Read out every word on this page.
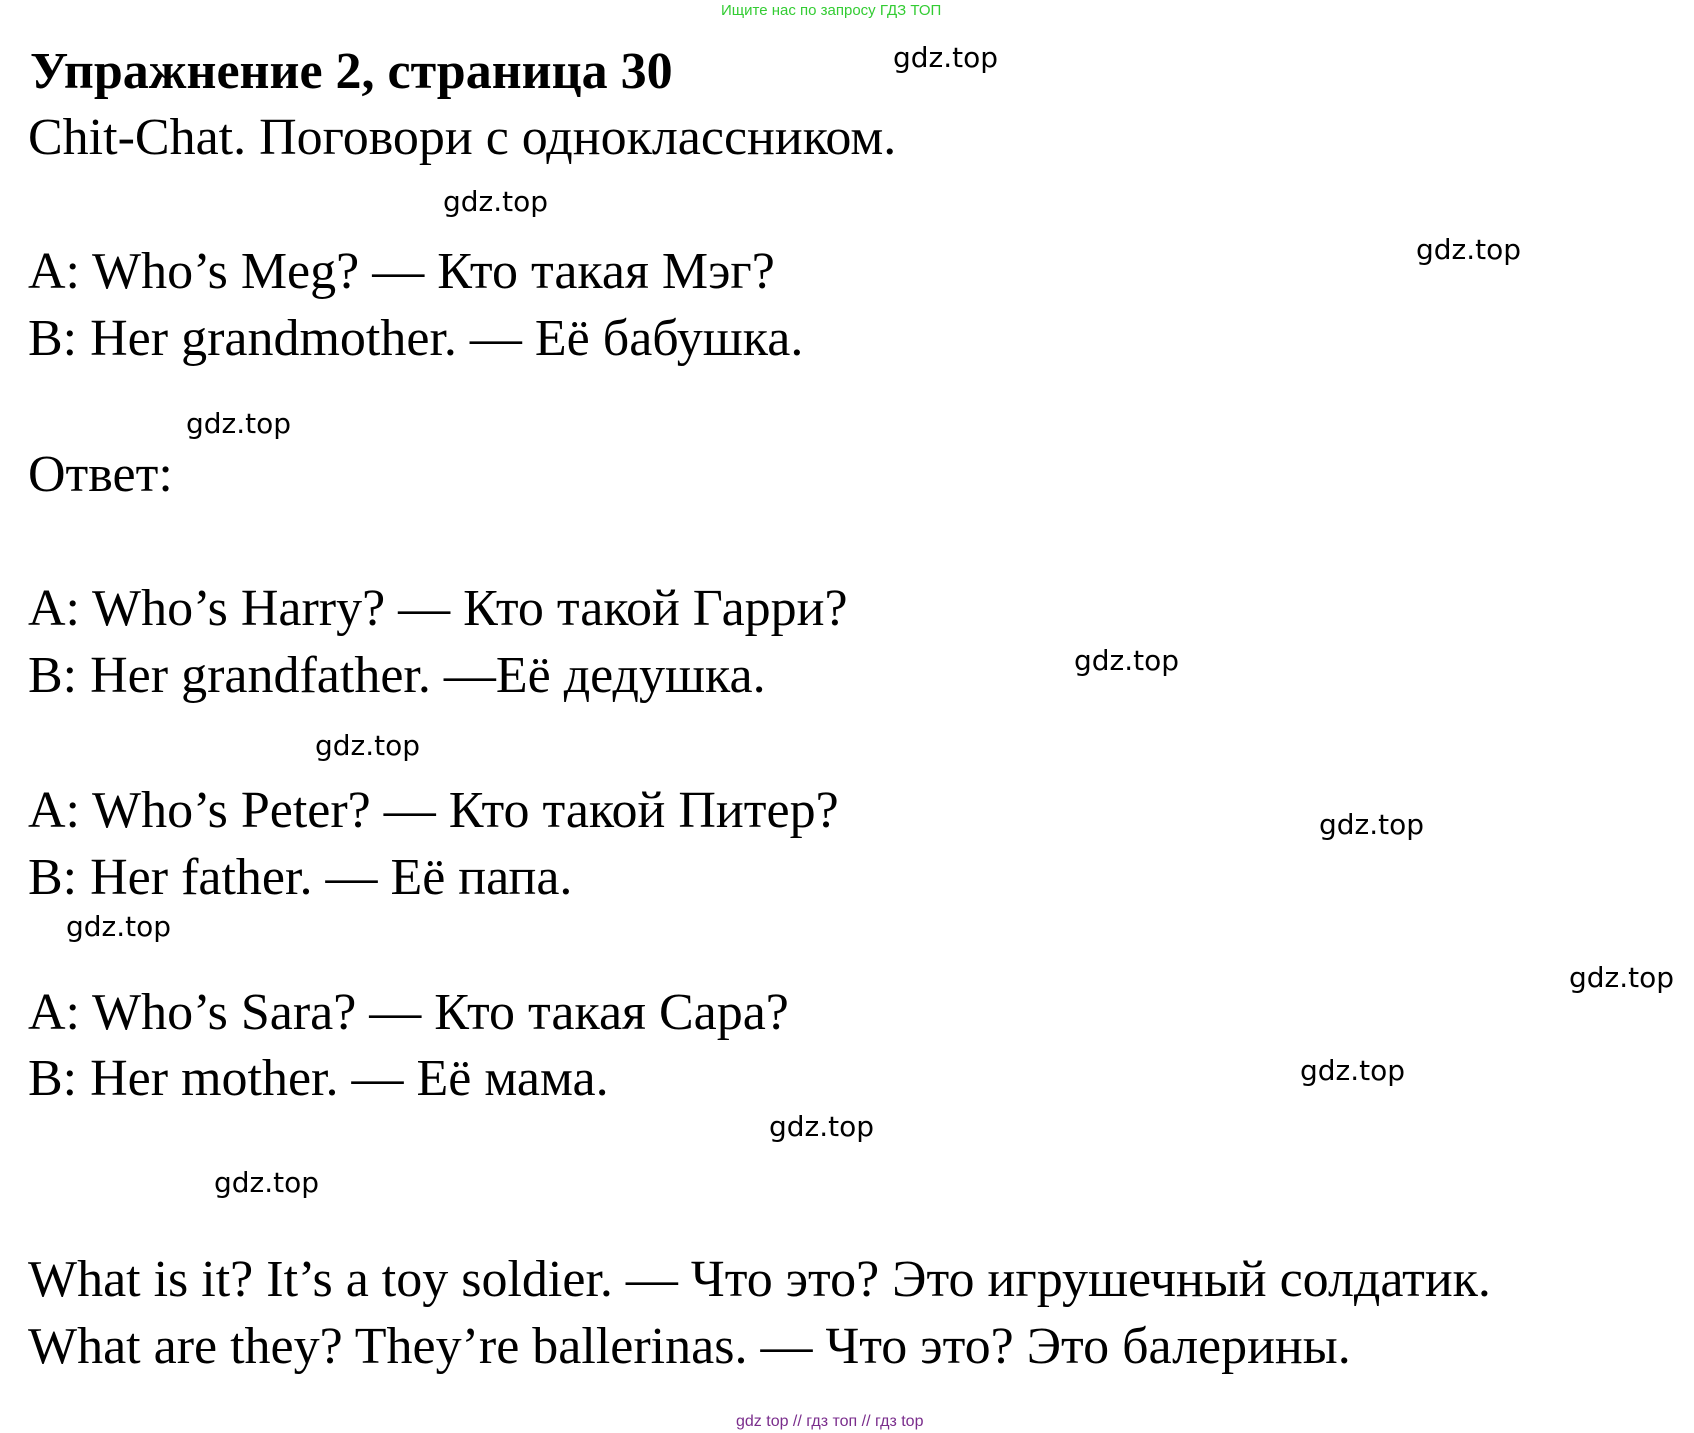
Ищите нас по запросу ГДЗ ТОП
Упражнение 2, страница 30
Chit-Chat. Поговори с одноклассником.
A: Who’s Meg? — Кто такая Мэг?
B: Her grandmother. — Её бабушка.
Ответ:
A: Who’s Harry? — Кто такой Гарри?
B: Her grandfather. —Её дедушка.
A: Who’s Peter? — Кто такой Питер?
B: Her father. — Её папа.
A: Who’s Sara? — Кто такая Сара?
B: Her mother. — Её мама.
What is it? It’s a toy soldier. — Что это? Это игрушечный солдатик.
What are they? They’re ballerinas. — Что это? Это балерины.
gdz.top
gdz.top
gdz.top
gdz.top
gdz.top
gdz.top
gdz.top
gdz.top
gdz.top
gdz.top
gdz.top
gdz.top
gdz top // гдз топ // гдз top
